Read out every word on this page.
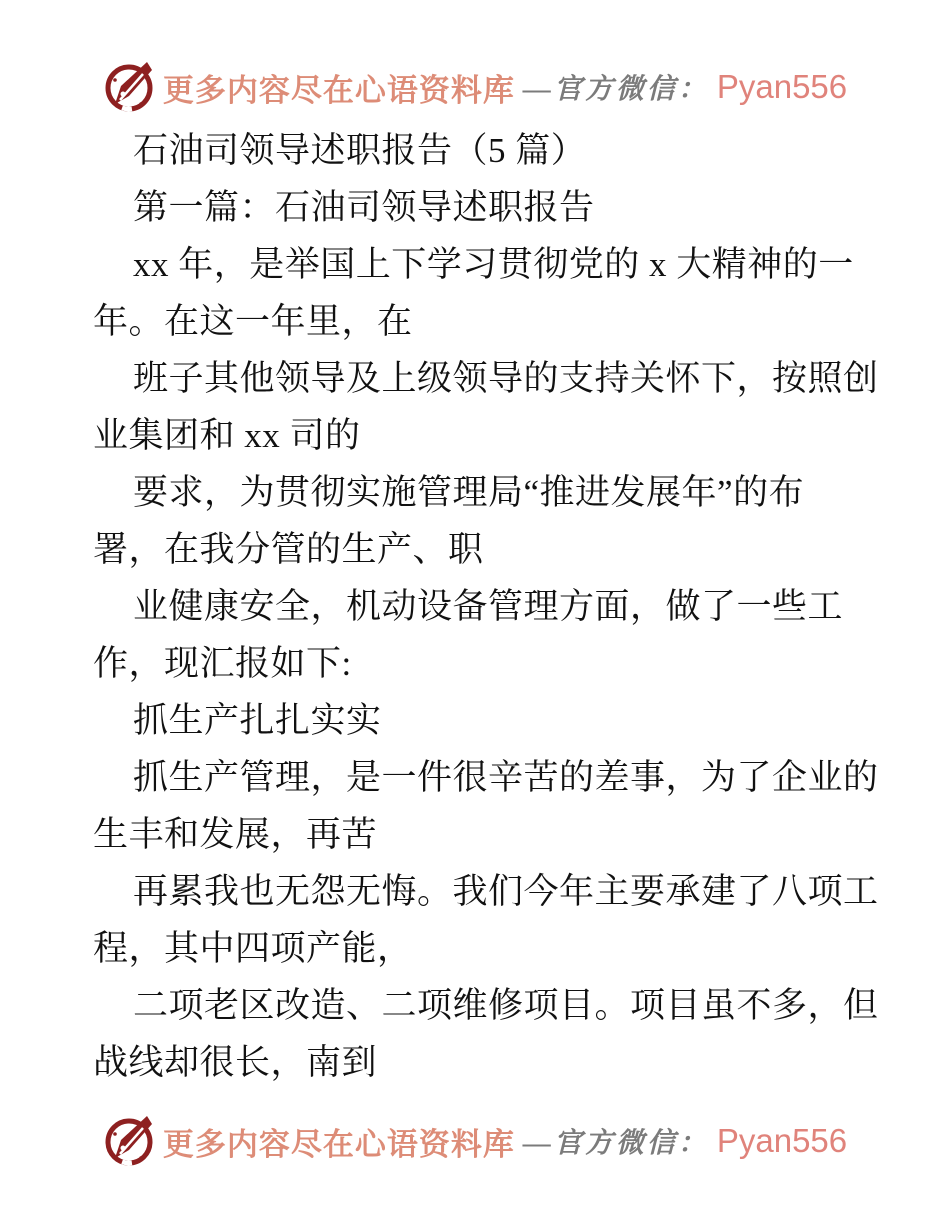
更多内容尽在心语资料库 —官方微信： Pyan556
石油司领导述职报告（5 篇）
第一篇：石油司领导述职报告
xx 年，是举国上下学习贯彻党的 x 大精神的一
年。在这一年里，在
班子其他领导及上级领导的支持关怀下，按照创
业集团和 xx 司的
要求，为贯彻实施管理局“推进发展年”的布
署，在我分管的生产、职
业健康安全，机动设备管理方面，做了一些工
作，现汇报如下:
抓生产扎扎实实
抓生产管理，是一件很辛苦的差事，为了企业的
生丰和发展，再苦
再累我也无怨无悔。我们今年主要承建了八项工
程，其中四项产能，
二项老区改造、二项维修项目。项目虽不多，但
战线却很长，南到
更多内容尽在心语资料库 —官方微信： Pyan556
